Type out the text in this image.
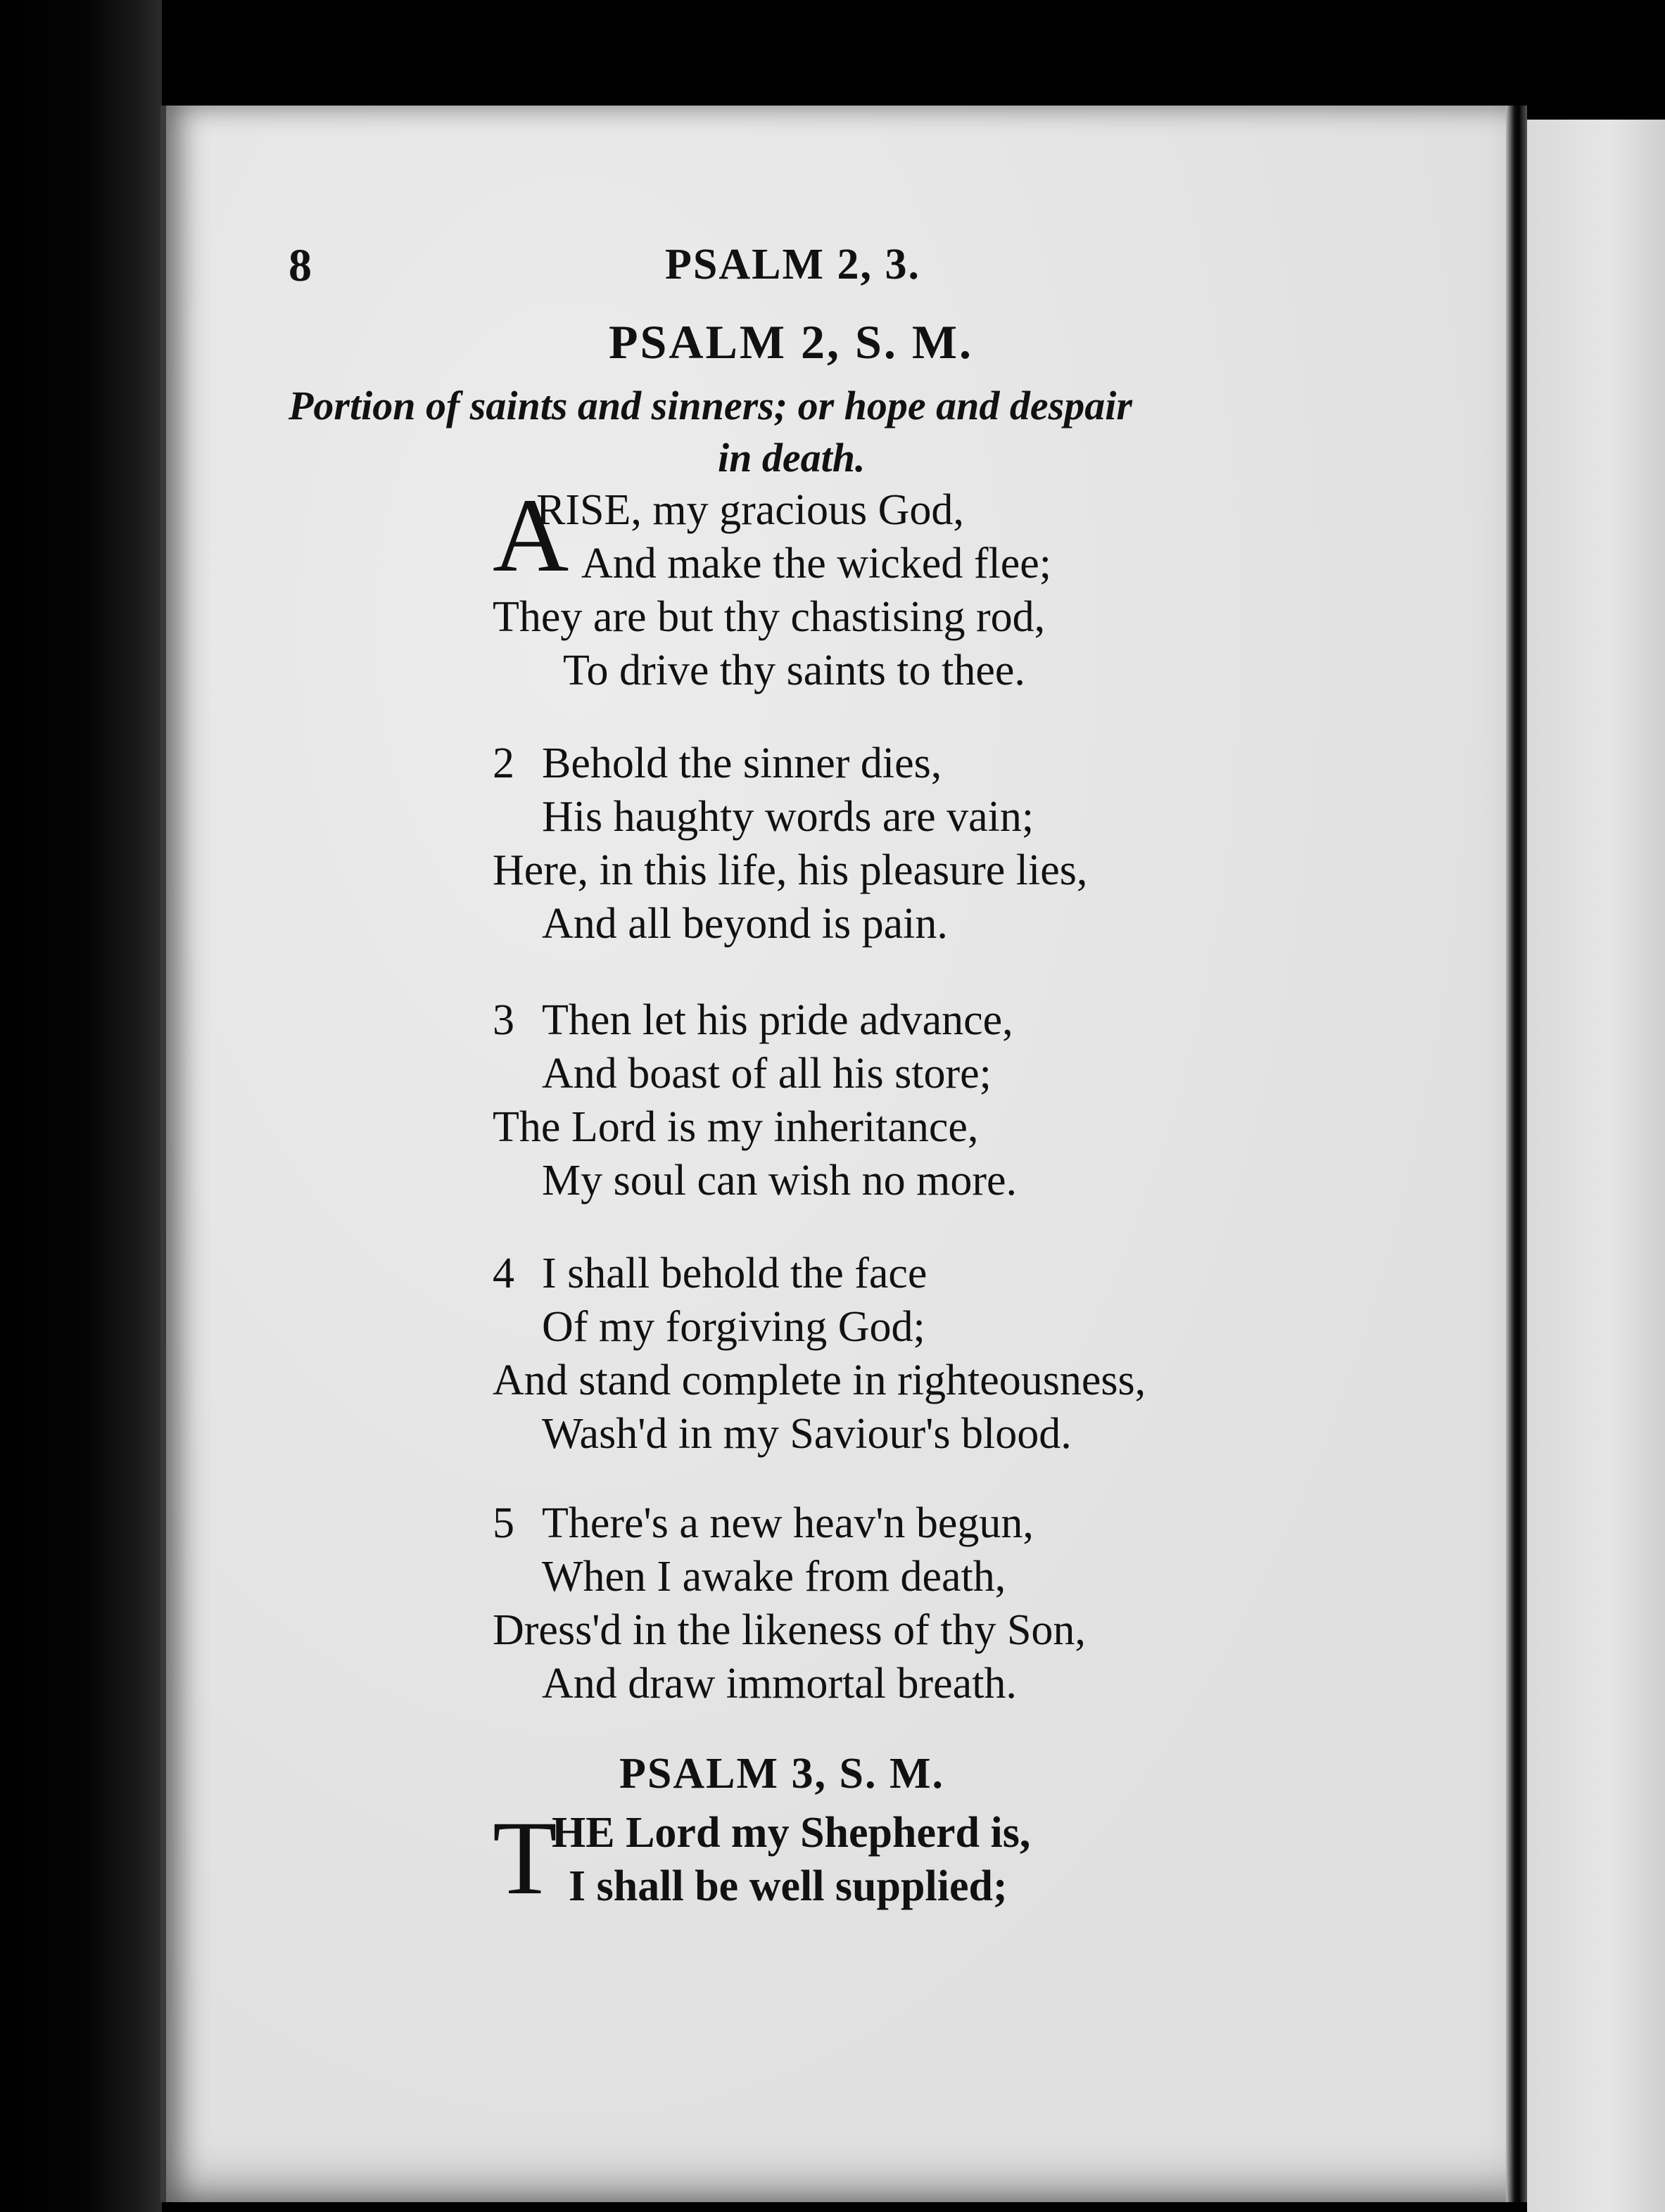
8	PSALM 2, 3.
PSALM 2, S. M.
Portion of saints and sinners; or hope and despair
in death.
A
RISE, my gracious God,
And make the wicked flee;
They are but thy chastising rod,
To drive thy saints to thee.
2 Behold the sinner dies,
His haughty words are vain;
Here, in this life, his pleasure lies,
And all beyond is pain.
3 Then let his pride advance,
And boast of all his store;
The Lord is my inheritance,
My soul can wish no more.
4 I shall behold the face
Of my forgiving God;
And stand complete in righteousness,
Wash'd in my Saviour's blood.
5 There's a new heav'n begun,
When I awake from death,
Dress'd in the likeness of thy Son,
And draw immortal breath.
PSALM 3, S. M.
T
HE Lord my Shepherd is,
I shall be well supplied;
